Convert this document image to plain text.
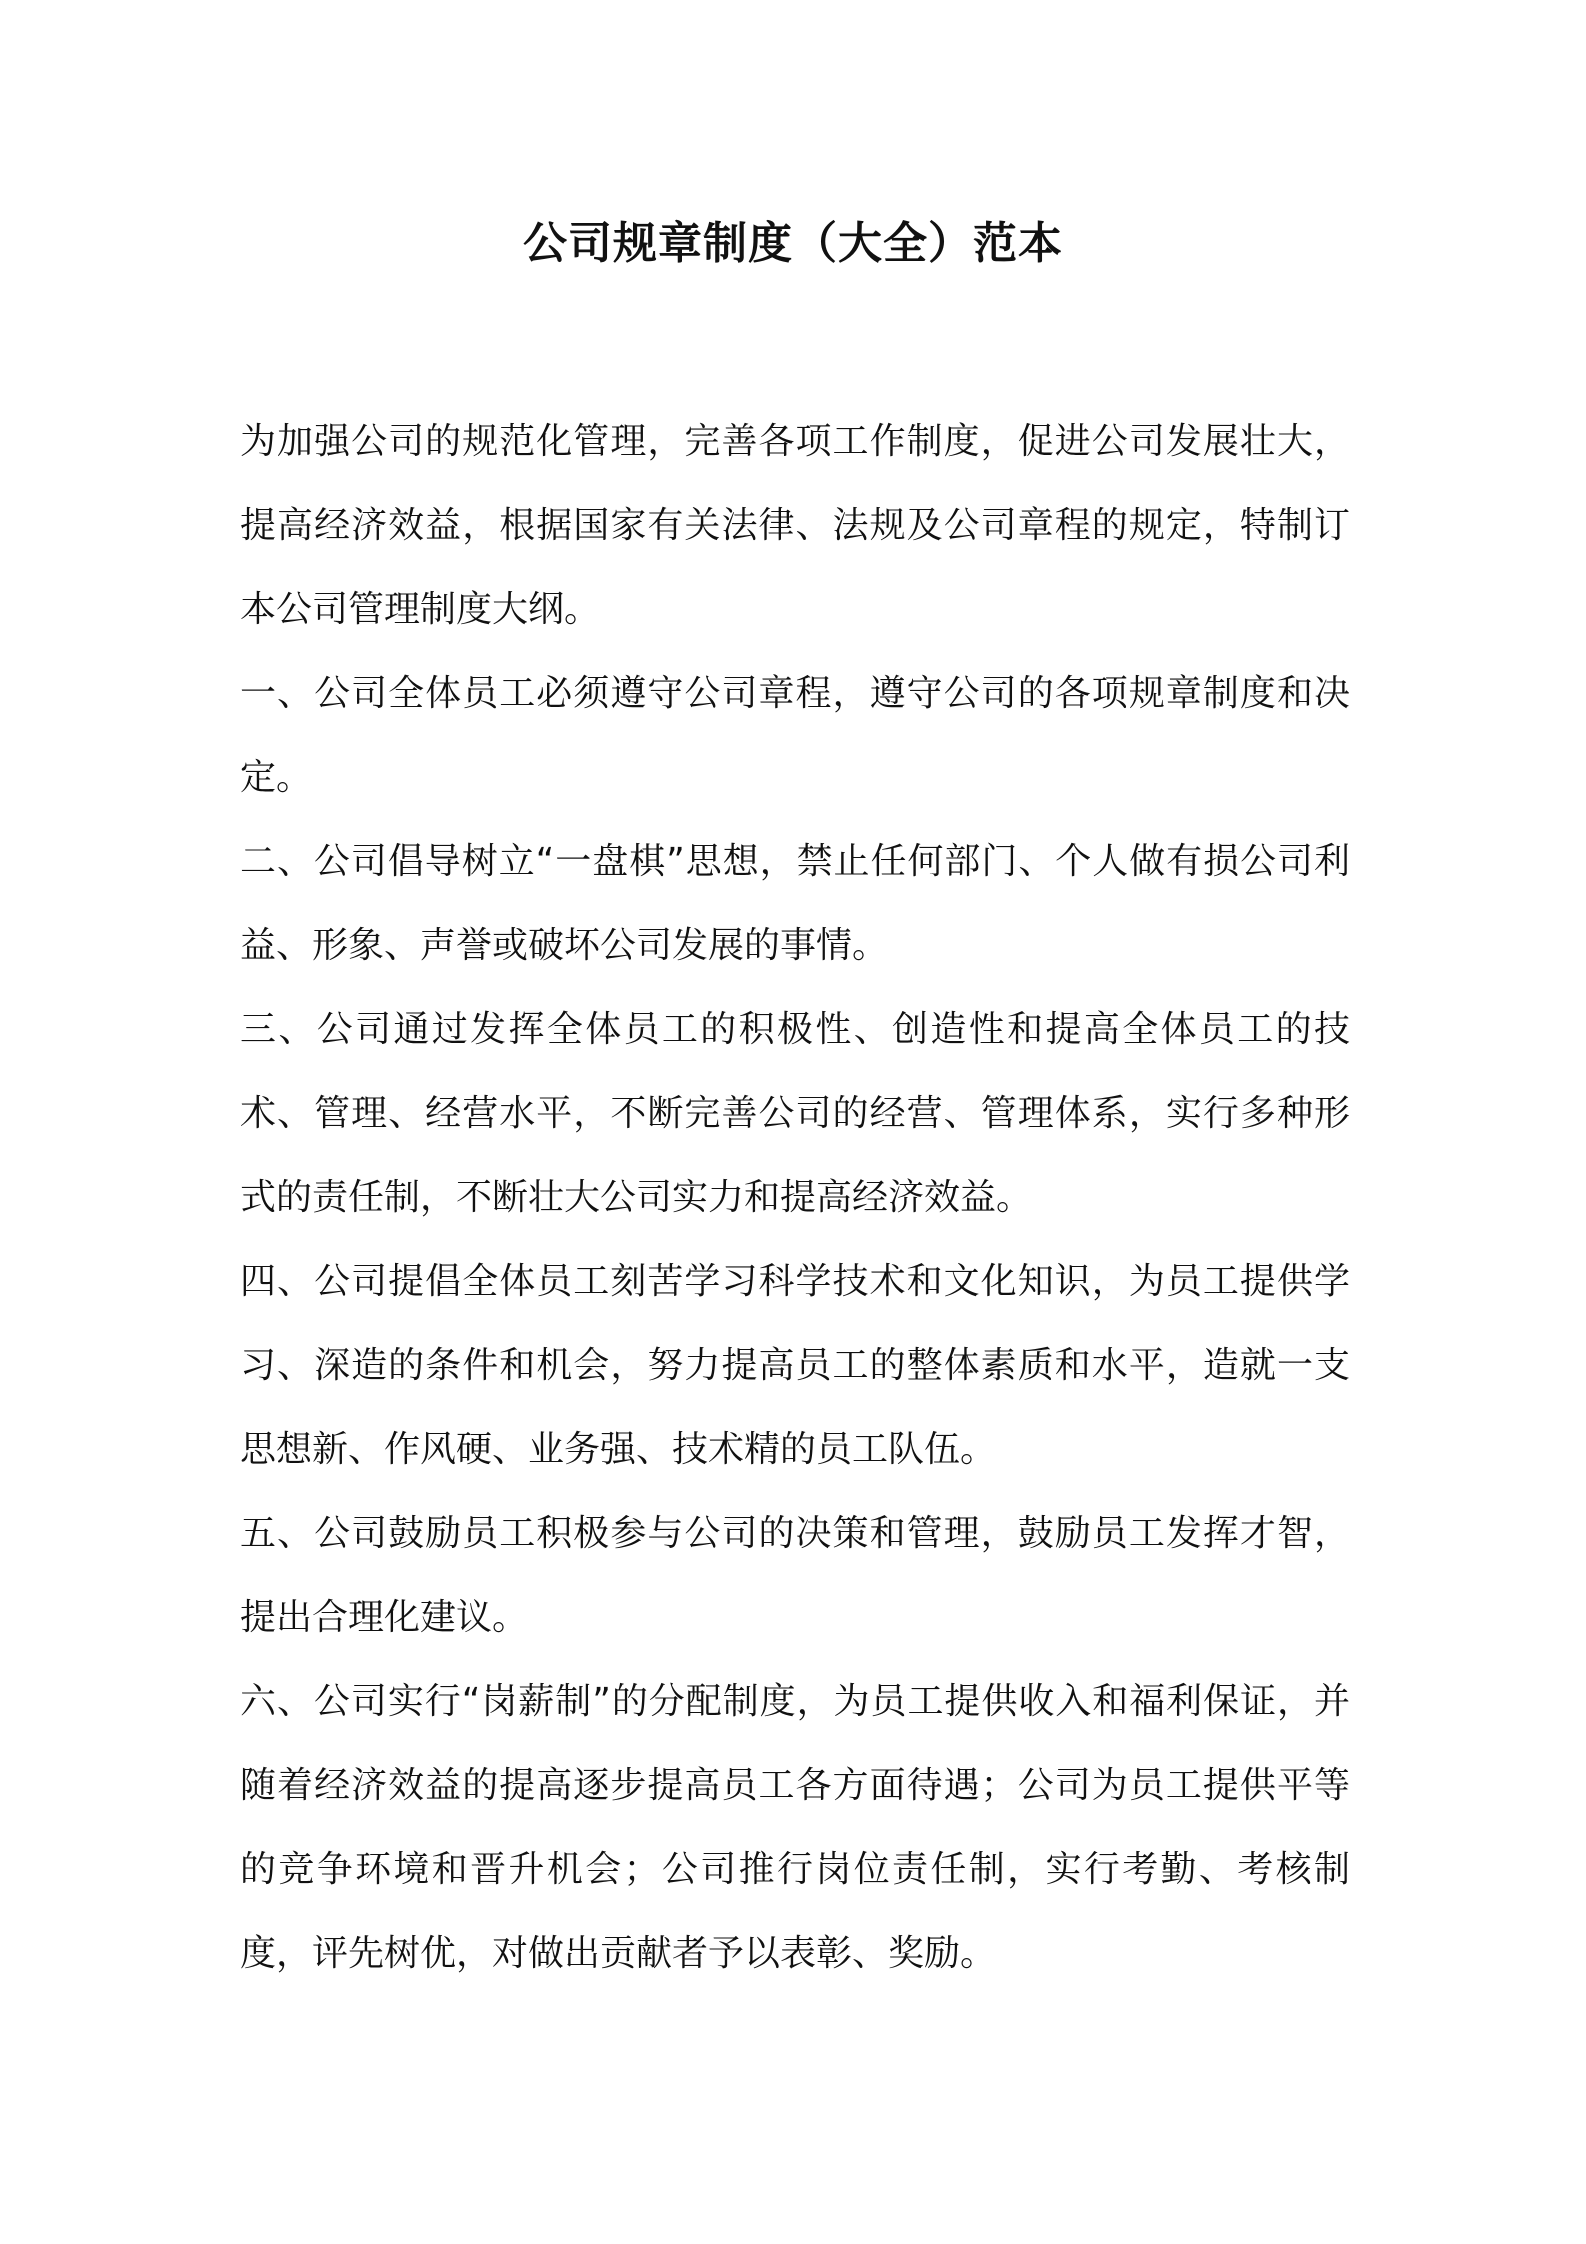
公司规章制度（大全）范本

为加强公司的规范化管理，完善各项工作制度，促进公司发展壮大，提高经济效益，根据国家有关法律、法规及公司章程的规定，特制订本公司管理制度大纲。

一、公司全体员工必须遵守公司章程，遵守公司的各项规章制度和决定。

二、公司倡导树立“一盘棋”思想，禁止任何部门、个人做有损公司利益、形象、声誉或破坏公司发展的事情。

三、公司通过发挥全体员工的积极性、创造性和提高全体员工的技术、管理、经营水平，不断完善公司的经营、管理体系，实行多种形式的责任制，不断壮大公司实力和提高经济效益。

四、公司提倡全体员工刻苦学习科学技术和文化知识，为员工提供学习、深造的条件和机会，努力提高员工的整体素质和水平，造就一支思想新、作风硬、业务强、技术精的员工队伍。

五、公司鼓励员工积极参与公司的决策和管理，鼓励员工发挥才智，提出合理化建议。

六、公司实行“岗薪制”的分配制度，为员工提供收入和福利保证，并随着经济效益的提高逐步提高员工各方面待遇；公司为员工提供平等的竞争环境和晋升机会；公司推行岗位责任制，实行考勤、考核制度，评先树优，对做出贡献者予以表彰、奖励。
